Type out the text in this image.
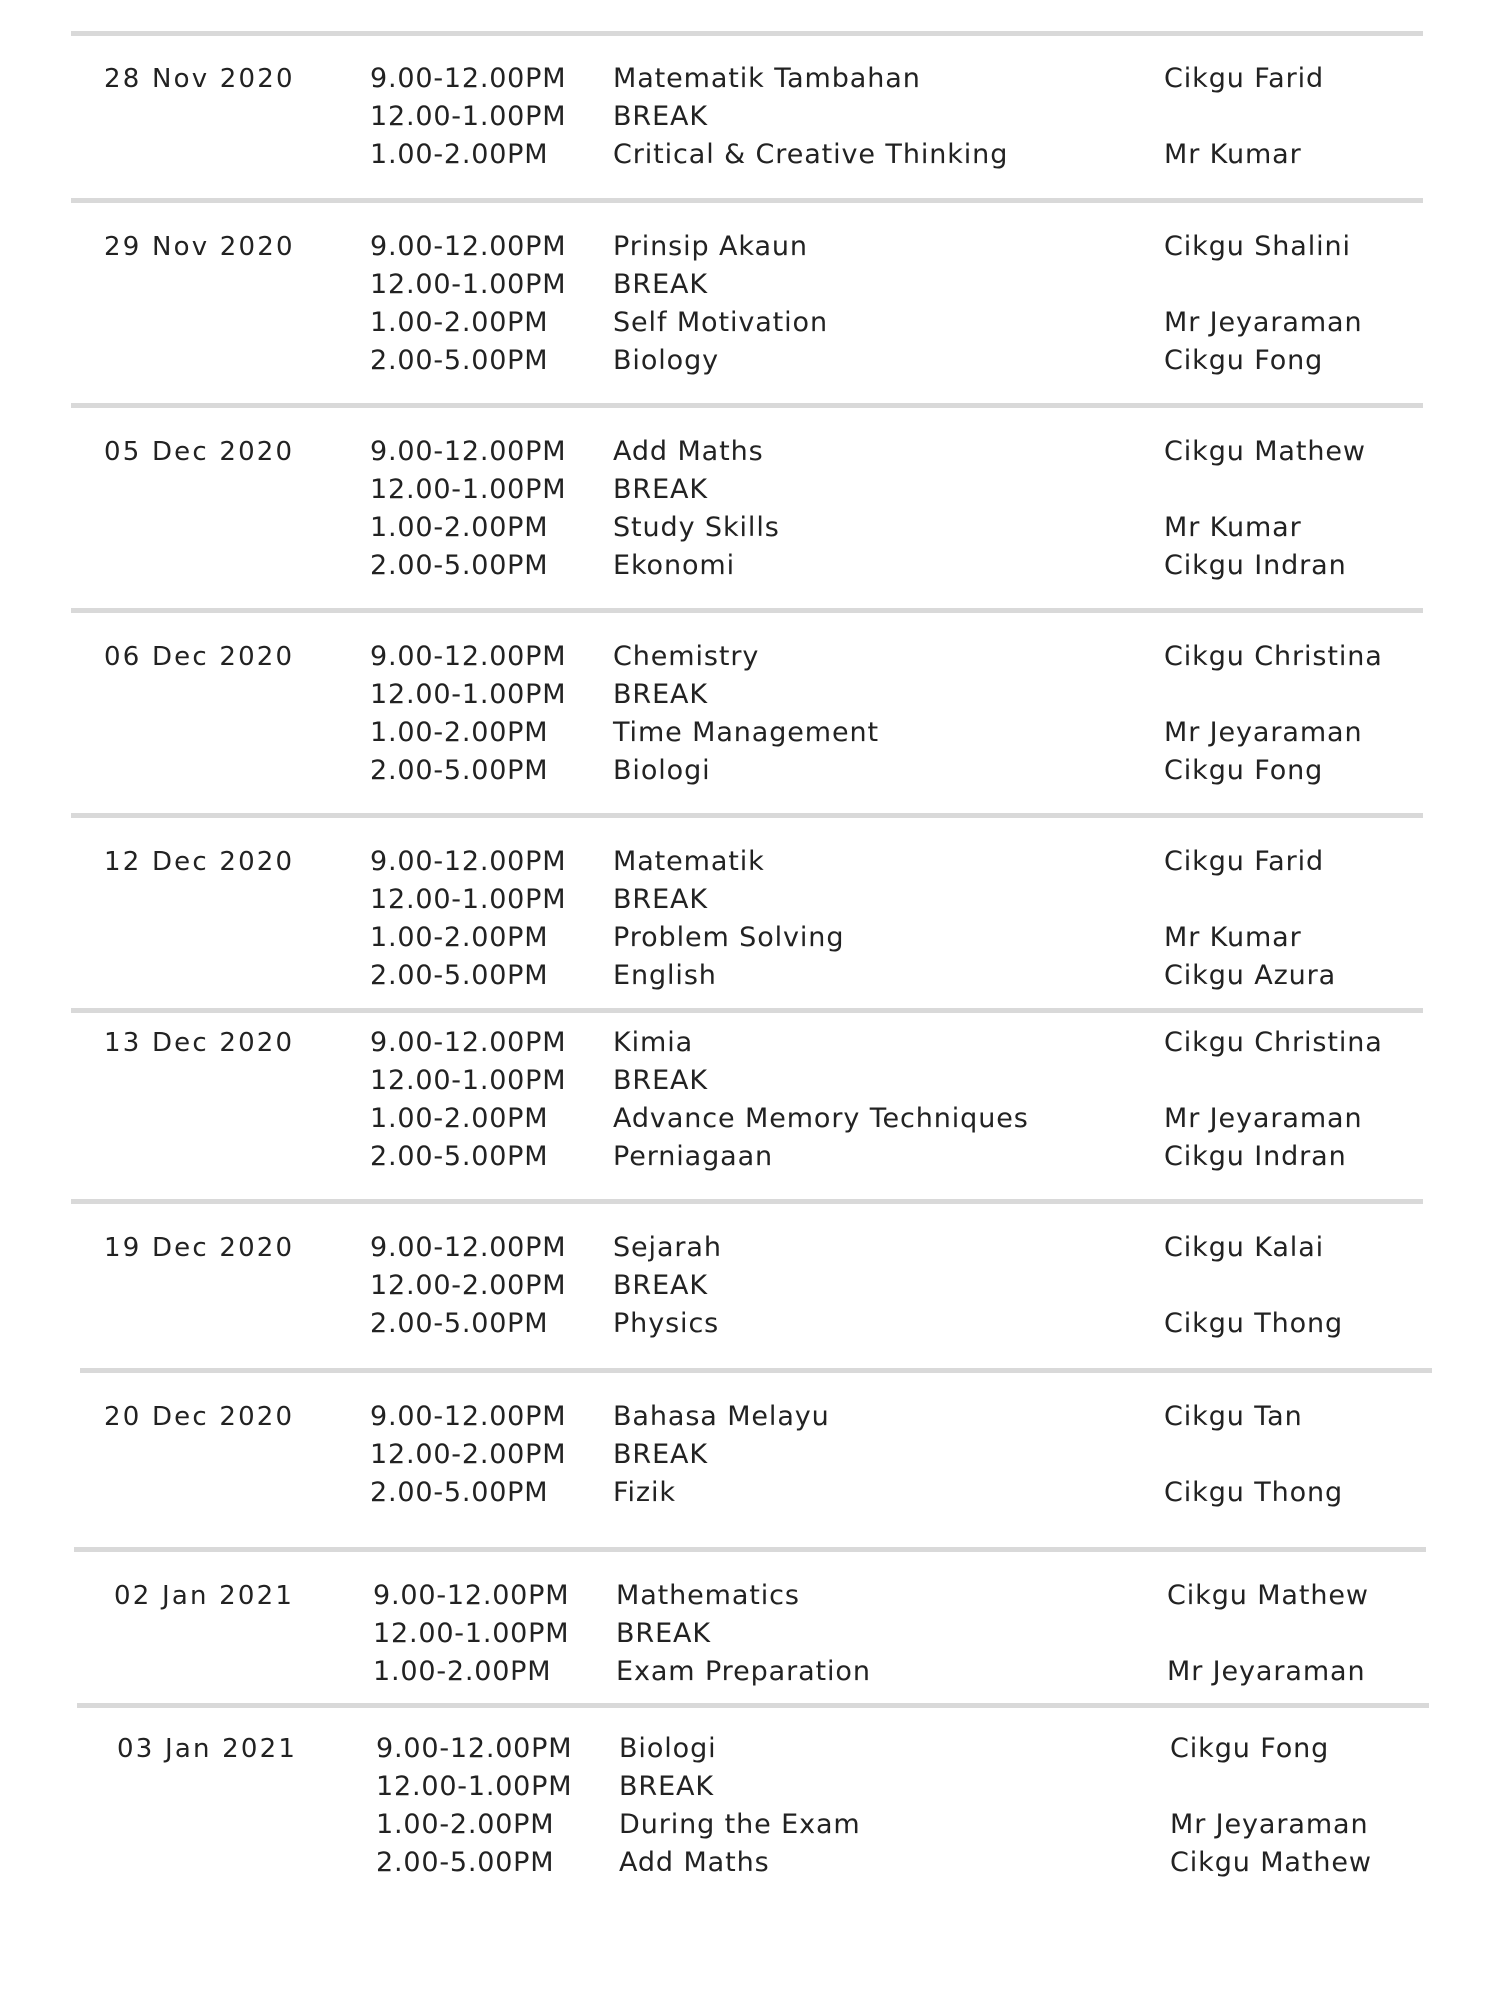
28 Nov 2020	9.00-12.00PM Matematik Tambahan	Cikgu Farid
12.00-1.00PM BREAK
1.00-2.00PM Critical & Creative Thinking	Mr Kumar
29 Nov 2020	9.00-12.00PM Prinsip Akaun	Cikgu Shalini
12.00-1.00PM BREAK
1.00-2.00PM Self Motivation	Mr Jeyaraman
2.00-5.00PM Biology	Cikgu Fong
05 Dec 2020	9.00-12.00PM Add Maths	Cikgu Mathew
12.00-1.00PM BREAK
1.00-2.00PM Study Skills	Mr Kumar
2.00-5.00PM Ekonomi	Cikgu Indran
06 Dec 2020	9.00-12.00PM Chemistry	Cikgu Christina
12.00-1.00PM BREAK
1.00-2.00PM Time Management	Mr Jeyaraman
2.00-5.00PM Biologi	Cikgu Fong
12 Dec 2020	9.00-12.00PM Matematik	Cikgu Farid
12.00-1.00PM BREAK
1.00-2.00PM Problem Solving	Mr Kumar
2.00-5.00PM English	Cikgu Azura
13 Dec 2020	9.00-12.00PM Kimia	Cikgu Christina
12.00-1.00PM BREAK
1.00-2.00PM Advance Memory Techniques	Mr Jeyaraman
2.00-5.00PM Perniagaan	Cikgu Indran
19 Dec 2020	9.00-12.00PM Sejarah	Cikgu Kalai
12.00-2.00PM BREAK
2.00-5.00PM Physics	Cikgu Thong
20 Dec 2020	9.00-12.00PM Bahasa Melayu	Cikgu Tan
12.00-2.00PM BREAK
2.00-5.00PM Fizik	Cikgu Thong
02 Jan 2021	9.00-12.00PM Mathematics	Cikgu Mathew
12.00-1.00PM BREAK
1.00-2.00PM Exam Preparation	Mr Jeyaraman
03 Jan 2021	9.00-12.00PM Biologi	Cikgu Fong
12.00-1.00PM BREAK
1.00-2.00PM During the Exam	Mr Jeyaraman
2.00-5.00PM Add Maths	Cikgu Mathew
